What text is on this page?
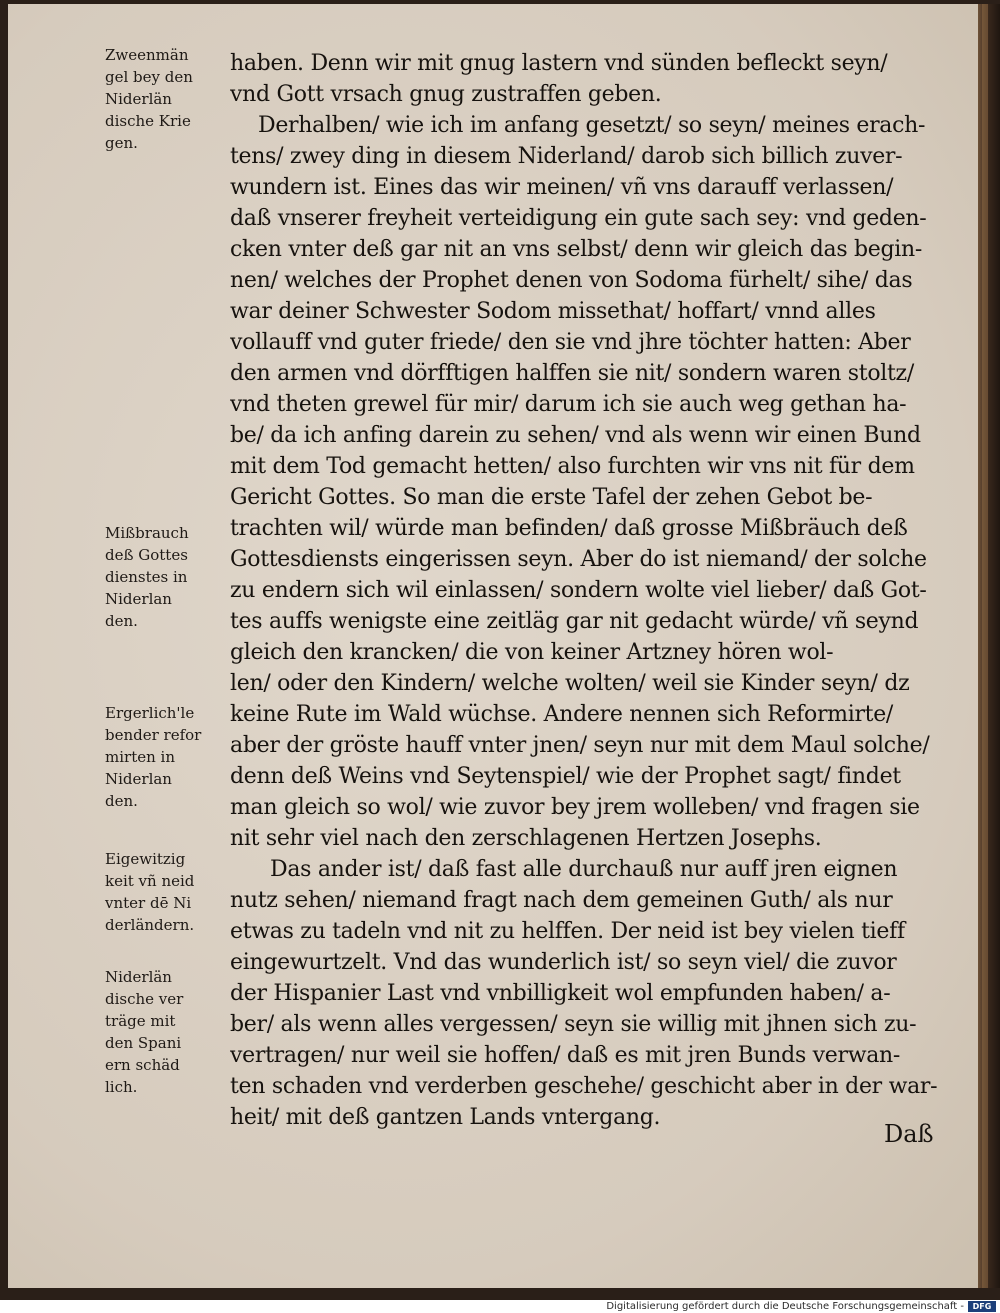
Zweenmän
gel bey den
Niderlän
dische Krie
gen.
Mißbrauch
deß Gottes
dienstes in
Niderlan
den.
Ergerlich'le
bender refor
mirten in
Niderlan
den.
Eigewitzig
keit vñ neid
vnter dē Ni
derländern.
Niderlän
dische ver
träge mit
den Spani
ern schäd
lich.
haben. Denn wir mit gnug lastern vnd sünden befleckt seyn/
vnd Gott vrsach gnug zustraffen geben.
Derhalben/ wie ich im anfang gesetzt/ so seyn/ meines erach-
tens/ zwey ding in diesem Niderland/ darob sich billich zuver-
wundern ist. Eines das wir meinen/ vñ vns darauff verlassen/
daß vnserer freyheit verteidigung ein gute sach sey: vnd geden-
cken vnter deß gar nit an vns selbst/ denn wir gleich das begin-
nen/ welches der Prophet denen von Sodoma fürhelt/ sihe/ das
war deiner Schwester Sodom missethat/ hoffart/ vnnd alles
vollauff vnd guter friede/ den sie vnd jhre töchter hatten: Aber
den armen vnd dörfftigen halffen sie nit/ sondern waren stoltz/
vnd theten grewel für mir/ darum ich sie auch weg gethan ha-
be/ da ich anfing darein zu sehen/ vnd als wenn wir einen Bund
mit dem Tod gemacht hetten/ also furchten wir vns nit für dem
Gericht Gottes. So man die erste Tafel der zehen Gebot be-
trachten wil/ würde man befinden/ daß grosse Mißbräuch deß
Gottesdiensts eingerissen seyn. Aber do ist niemand/ der solche
zu endern sich wil einlassen/ sondern wolte viel lieber/ daß Got-
tes auffs wenigste eine zeitläg gar nit gedacht würde/ vñ seynd
gleich den krancken/ die von keiner Artzney hören wol-
len/ oder den Kindern/ welche wolten/ weil sie Kinder seyn/ dz
keine Rute im Wald wüchse. Andere nennen sich Reformirte/
aber der gröste hauff vnter jnen/ seyn nur mit dem Maul solche/
denn deß Weins vnd Seytenspiel/ wie der Prophet sagt/ findet
man gleich so wol/ wie zuvor bey jrem wolleben/ vnd fragen sie
nit sehr viel nach den zerschlagenen Hertzen Josephs.
Das ander ist/ daß fast alle durchauß nur auff jren eignen
nutz sehen/ niemand fragt nach dem gemeinen Guth/ als nur
etwas zu tadeln vnd nit zu helffen. Der neid ist bey vielen tieff
eingewurtzelt. Vnd das wunderlich ist/ so seyn viel/ die zuvor
der Hispanier Last vnd vnbilligkeit wol empfunden haben/ a-
ber/ als wenn alles vergessen/ seyn sie willig mit jhnen sich zu-
vertragen/ nur weil sie hoffen/ daß es mit jren Bunds verwan-
ten schaden vnd verderben geschehe/ geschicht aber in der war-
heit/ mit deß gantzen Lands vntergang.
Daß
Digitalisierung gefördert durch die Deutsche Forschungsgemeinschaft -	DFG
